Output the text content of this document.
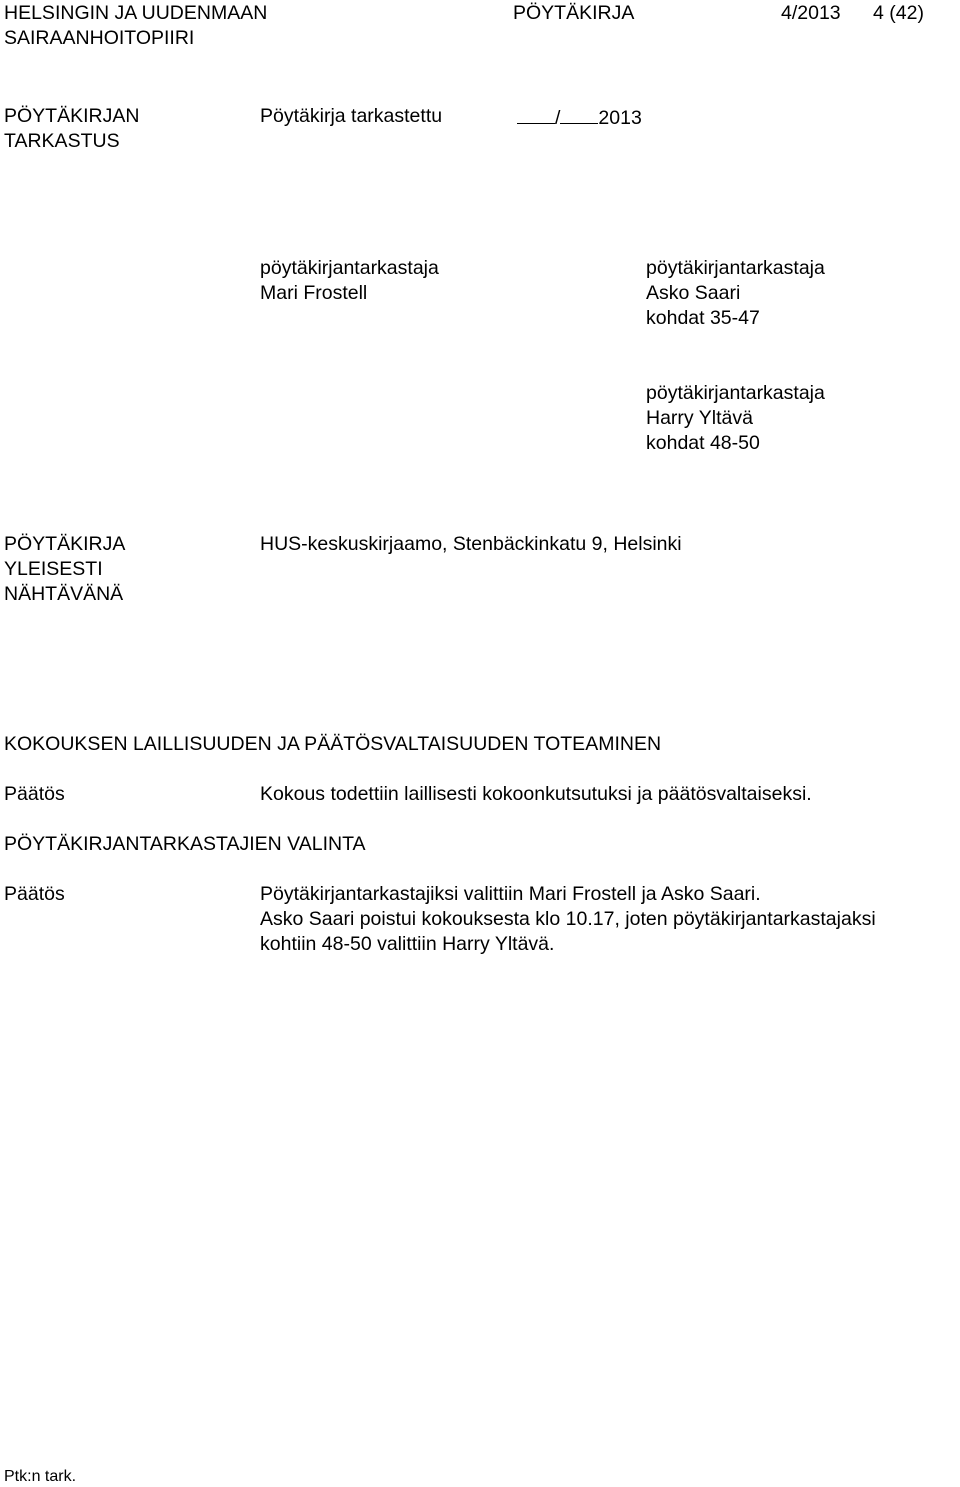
HELSINGIN JA UUDENMAAN
SAIRAANHOITOPIIRI
PÖYTÄKIRJA	4/2013 4 (42)
PÖYTÄKIRJAN
TARKASTUS
Pöytäkirja tarkastettu	/ 2013
pöytäkirjantarkastaja
Mari Frostell
pöytäkirjantarkastaja
Asko Saari
kohdat 35-47
pöytäkirjantarkastaja
Harry Yltävä
kohdat 48-50
PÖYTÄKIRJA
YLEISESTI
NÄHTÄVÄNÄ
HUS-keskuskirjaamo, Stenbäckinkatu 9, Helsinki
KOKOUKSEN LAILLISUUDEN JA PÄÄTÖSVALTAISUUDEN TOTEAMINEN
Päätös	Kokous todettiin laillisesti kokoonkutsutuksi ja päätösvaltaiseksi.
PÖYTÄKIRJANTARKASTAJIEN VALINTA
Päätös	Pöytäkirjantarkastajiksi valittiin Mari Frostell ja Asko Saari.
Asko Saari poistui kokouksesta klo 10.17, joten pöytäkirjantarkastajaksi
kohtiin 48-50 valittiin Harry Yltävä.
Ptk:n tark.
